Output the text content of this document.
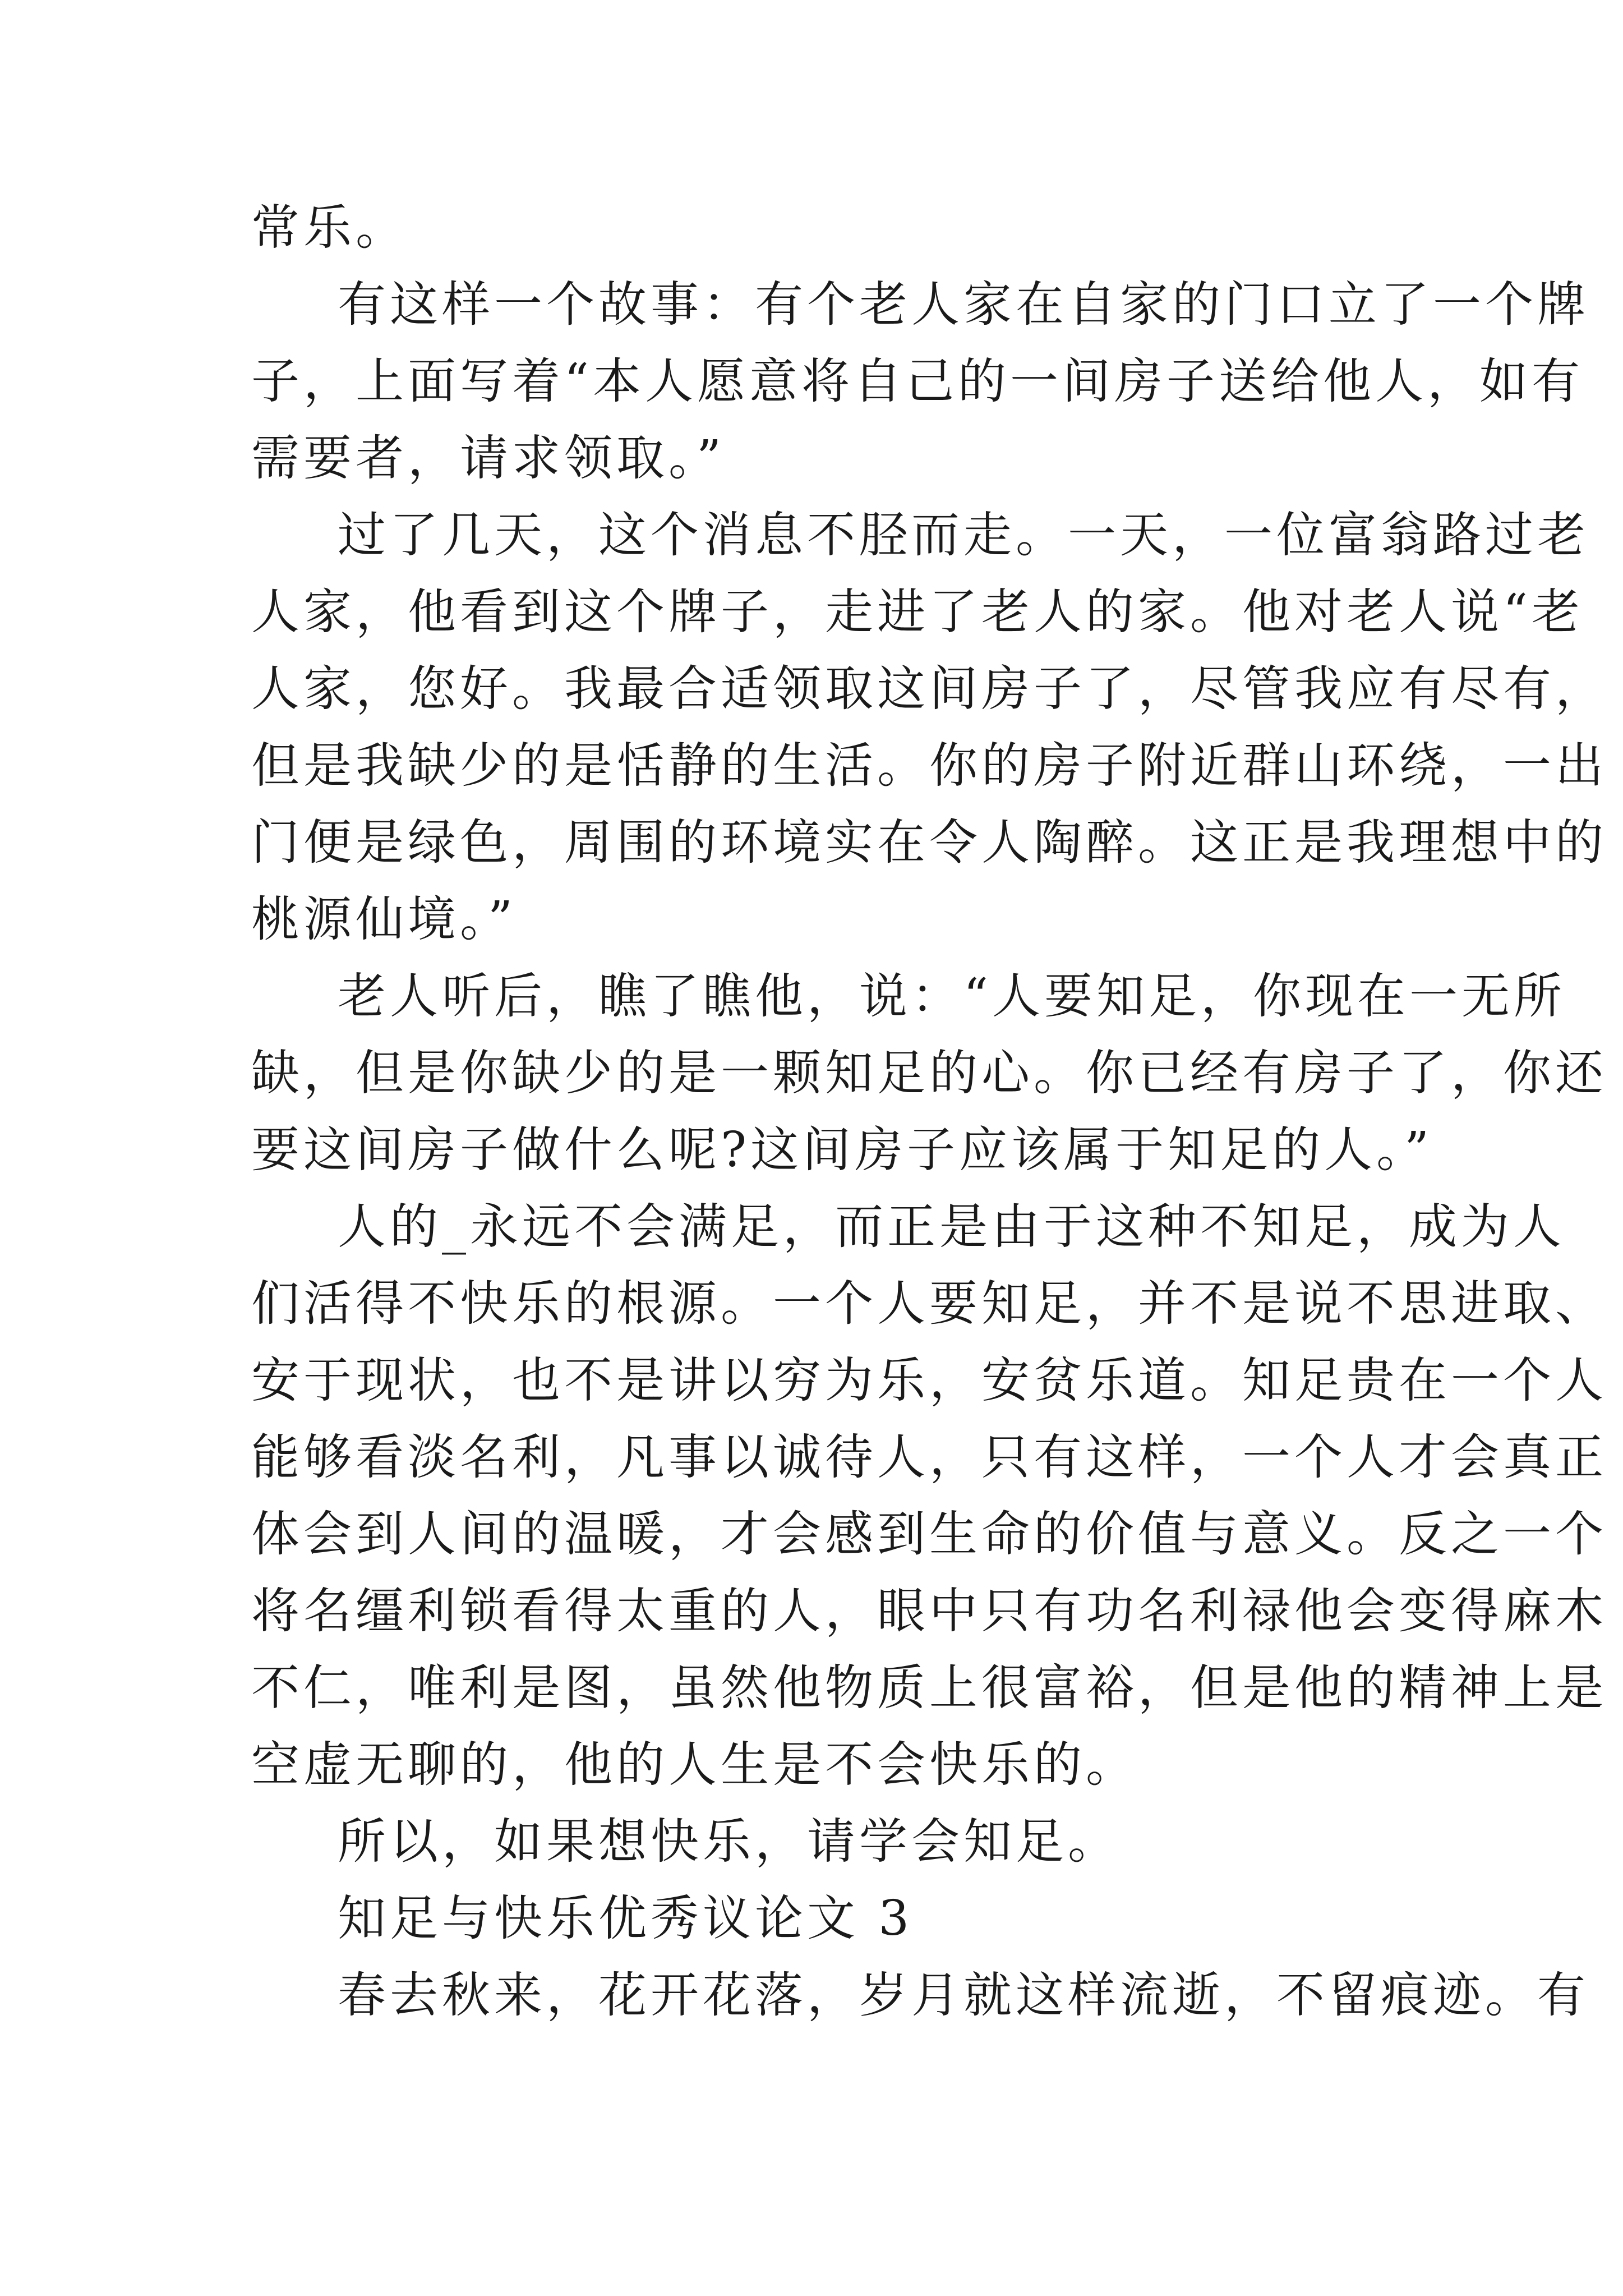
常乐。

有这样一个故事：有个老人家在自家的门口立了一个牌
子，上面写着“本人愿意将自己的一间房子送给他人，如有
需要者，请求领取。”

过了几天，这个消息不胫而走。一天，一位富翁路过老
人家，他看到这个牌子，走进了老人的家。他对老人说“老
人家，您好。我最合适领取这间房子了，尽管我应有尽有，
但是我缺少的是恬静的生活。你的房子附近群山环绕，一出
门便是绿色，周围的环境实在令人陶醉。这正是我理想中的
桃源仙境。”

老人听后，瞧了瞧他，说：“人要知足，你现在一无所
缺，但是你缺少的是一颗知足的心。你已经有房子了，你还
要这间房子做什么呢?这间房子应该属于知足的人。”

人的_永远不会满足，而正是由于这种不知足，成为人
们活得不快乐的根源。一个人要知足，并不是说不思进取、
安于现状，也不是讲以穷为乐，安贫乐道。知足贵在一个人
能够看淡名利，凡事以诚待人，只有这样，一个人才会真正
体会到人间的温暖，才会感到生命的价值与意义。反之一个
将名缰利锁看得太重的人，眼中只有功名利禄他会变得麻木
不仁，唯利是图，虽然他物质上很富裕，但是他的精神上是
空虚无聊的，他的人生是不会快乐的。

所以，如果想快乐，请学会知足。

知足与快乐优秀议论文 3

春去秋来，花开花落，岁月就这样流逝，不留痕迹。有
